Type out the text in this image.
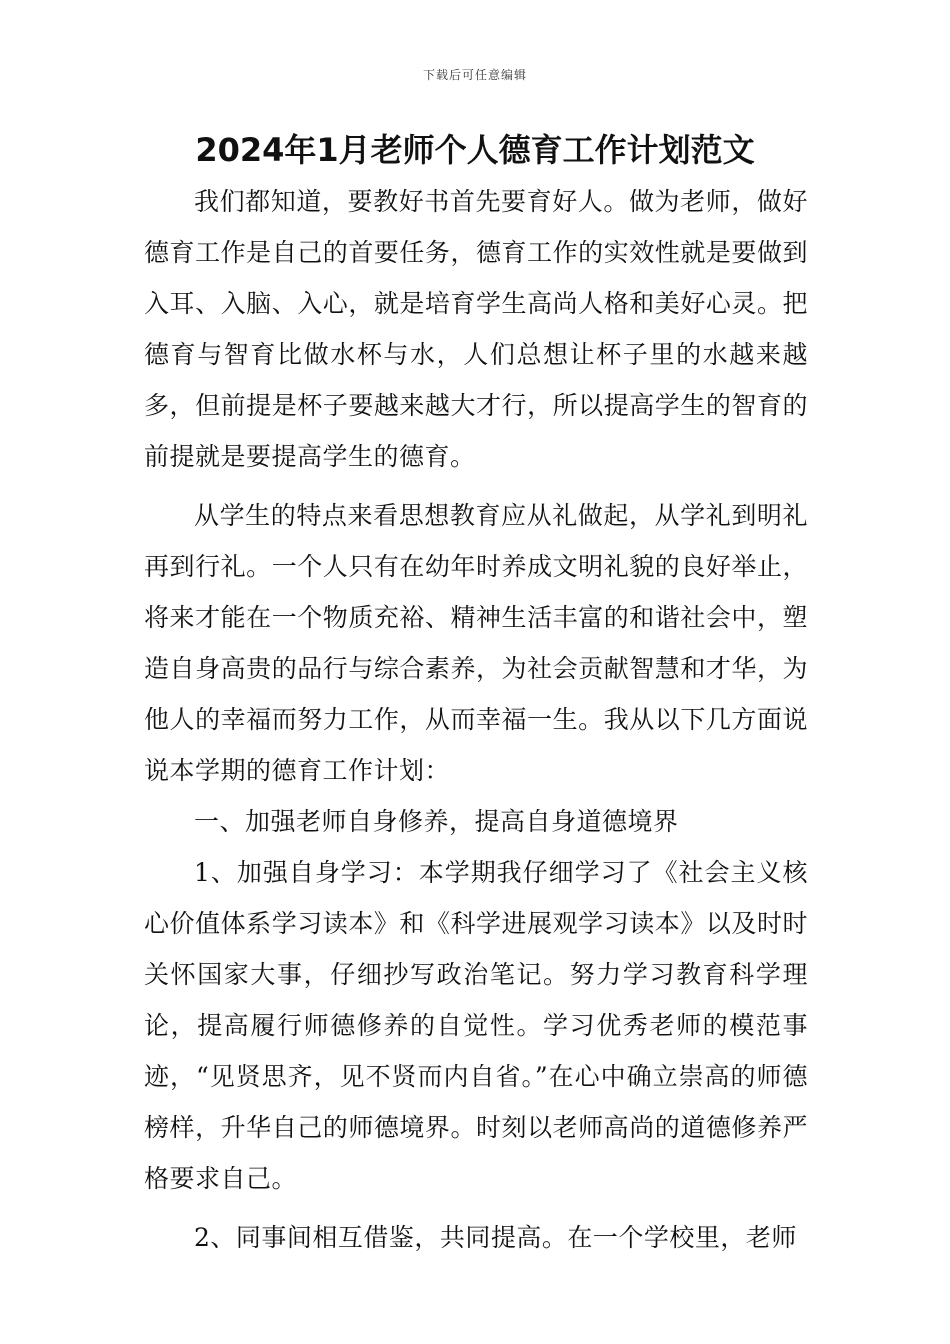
下载后可任意编辑
2024年1月老师个人德育工作计划范文

我们都知道，要教好书首先要育好人。做为老师，做好德育工作是自己的首要任务，德育工作的实效性就是要做到入耳、入脑、入心，就是培育学生高尚人格和美好心灵。把德育与智育比做水杯与水，人们总想让杯子里的水越来越多，但前提是杯子要越来越大才行，所以提高学生的智育的前提就是要提高学生的德育。

从学生的特点来看思想教育应从礼做起，从学礼到明礼再到行礼。一个人只有在幼年时养成文明礼貌的良好举止，将来才能在一个物质充裕、精神生活丰富的和谐社会中，塑造自身高贵的品行与综合素养，为社会贡献智慧和才华，为他人的幸福而努力工作，从而幸福一生。我从以下几方面说说本学期的德育工作计划：

一、加强老师自身修养，提高自身道德境界

1、加强自身学习：本学期我仔细学习了《社会主义核心价值体系学习读本》和《科学进展观学习读本》以及时时关怀国家大事，仔细抄写政治笔记。努力学习教育科学理论，提高履行师德修养的自觉性。学习优秀老师的模范事迹，“见贤思齐，见不贤而内自省。”在心中确立崇高的师德榜样，升华自己的师德境界。时刻以老师高尚的道德修养严格要求自己。

2、同事间相互借鉴，共同提高。在一个学校里，老师
